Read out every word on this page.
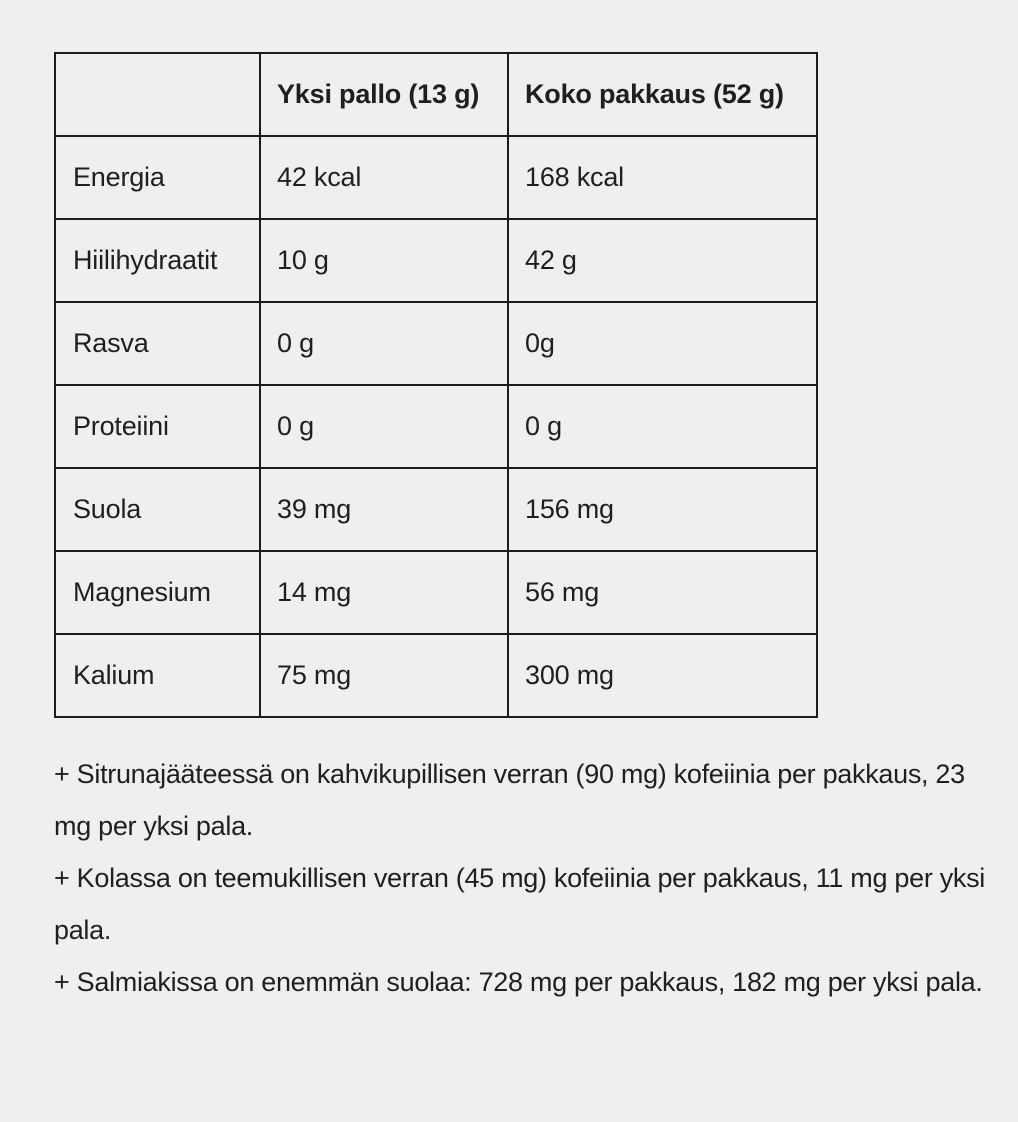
	Yksi pallo (13 g)	Koko pakkaus (52 g)
Energia	42 kcal	168 kcal
Hiilihydraatit	10 g	42 g
Rasva	0 g	0g
Proteiini	0 g	0 g
Suola	39 mg	156 mg
Magnesium	14 mg	56 mg
Kalium	75 mg	300 mg

+ Sitrunajääteessä on kahvikupillisen verran (90 mg) kofeiinia per pakkaus, 23 mg per yksi pala.

+ Kolassa on teemukillisen verran (45 mg) kofeiinia per pakkaus, 11 mg per yksi pala.

+ Salmiakissa on enemmän suolaa: 728 mg per pakkaus, 182 mg per yksi pala.
